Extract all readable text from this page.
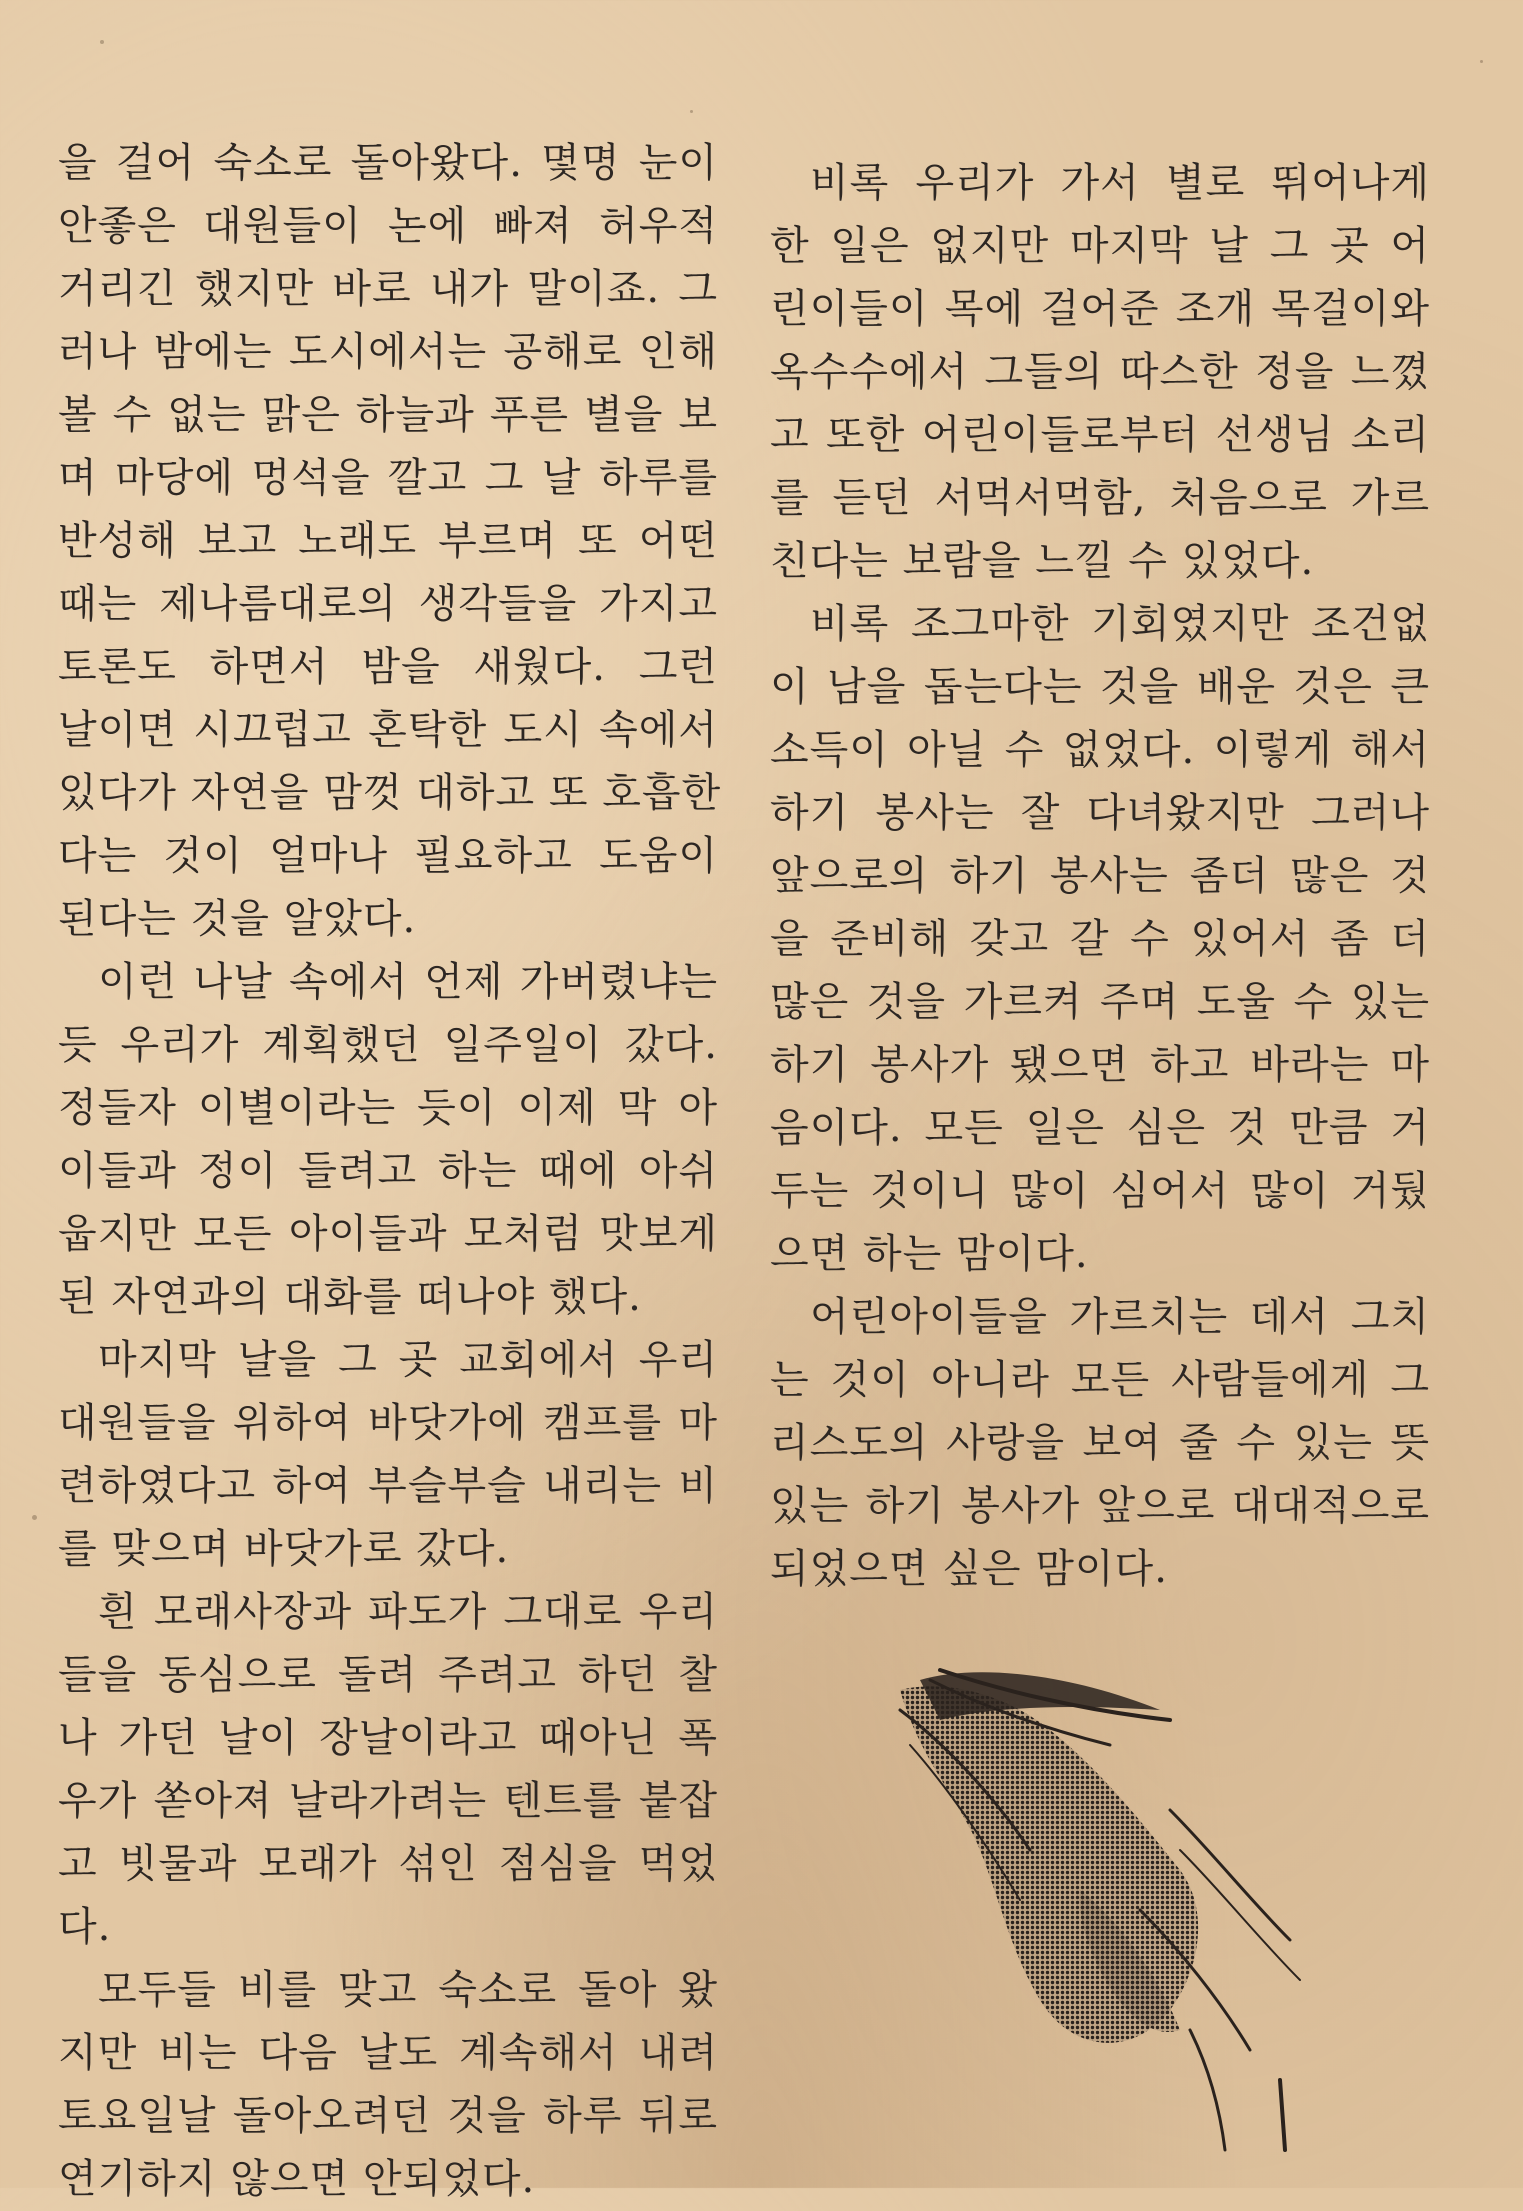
을 걸어 숙소로 돌아왔다. 몇명 눈이
안좋은 대원들이 논에 빠져 허우적
거리긴 했지만 바로 내가 말이죠. 그
러나 밤에는 도시에서는 공해로 인해
볼 수 없는 맑은 하늘과 푸른 별을 보
며 마당에 멍석을 깔고 그 날 하루를
반성해 보고 노래도 부르며 또 어떤
때는 제나름대로의 생각들을 가지고
토론도 하면서 밤을 새웠다. 그런
날이면 시끄럽고 혼탁한 도시 속에서
있다가 자연을 맘껏 대하고 또 호흡한
다는 것이 얼마나 필요하고 도움이
된다는 것을 알았다.
이런 나날 속에서 언제 가버렸냐는
듯 우리가 계획했던 일주일이 갔다.
정들자 이별이라는 듯이 이제 막 아
이들과 정이 들려고 하는 때에 아쉬
웁지만 모든 아이들과 모처럼 맛보게
된 자연과의 대화를 떠나야 했다.
마지막 날을 그 곳 교회에서 우리
대원들을 위하여 바닷가에 캠프를 마
련하였다고 하여 부슬부슬 내리는 비
를 맞으며 바닷가로 갔다.
흰 모래사장과 파도가 그대로 우리
들을 동심으로 돌려 주려고 하던 찰
나 가던 날이 장날이라고 때아닌 폭
우가 쏟아져 날라가려는 텐트를 붙잡
고 빗물과 모래가 섞인 점심을 먹었
다.
모두들 비를 맞고 숙소로 돌아 왔
지만 비는 다음 날도 계속해서 내려
토요일날 돌아오려던 것을 하루 뒤로
연기하지 않으면 안되었다.
비록 우리가 가서 별로 뛰어나게
한 일은 없지만 마지막 날 그 곳 어
린이들이 목에 걸어준 조개 목걸이와
옥수수에서 그들의 따스한 정을 느꼈
고 또한 어린이들로부터 선생님 소리
를 듣던 서먹서먹함, 처음으로 가르
친다는 보람을 느낄 수 있었다.
비록 조그마한 기회였지만 조건없
이 남을 돕는다는 것을 배운 것은 큰
소득이 아닐 수 없었다. 이렇게 해서
하기 봉사는 잘 다녀왔지만 그러나
앞으로의 하기 봉사는 좀더 많은 것
을 준비해 갖고 갈 수 있어서 좀 더
많은 것을 가르켜 주며 도울 수 있는
하기 봉사가 됐으면 하고 바라는 마
음이다. 모든 일은 심은 것 만큼 거
두는 것이니 많이 심어서 많이 거뒀
으면 하는 맘이다.
어린아이들을 가르치는 데서 그치
는 것이 아니라 모든 사람들에게 그
리스도의 사랑을 보여 줄 수 있는 뜻
있는 하기 봉사가 앞으로 대대적으로
되었으면 싶은 맘이다.
